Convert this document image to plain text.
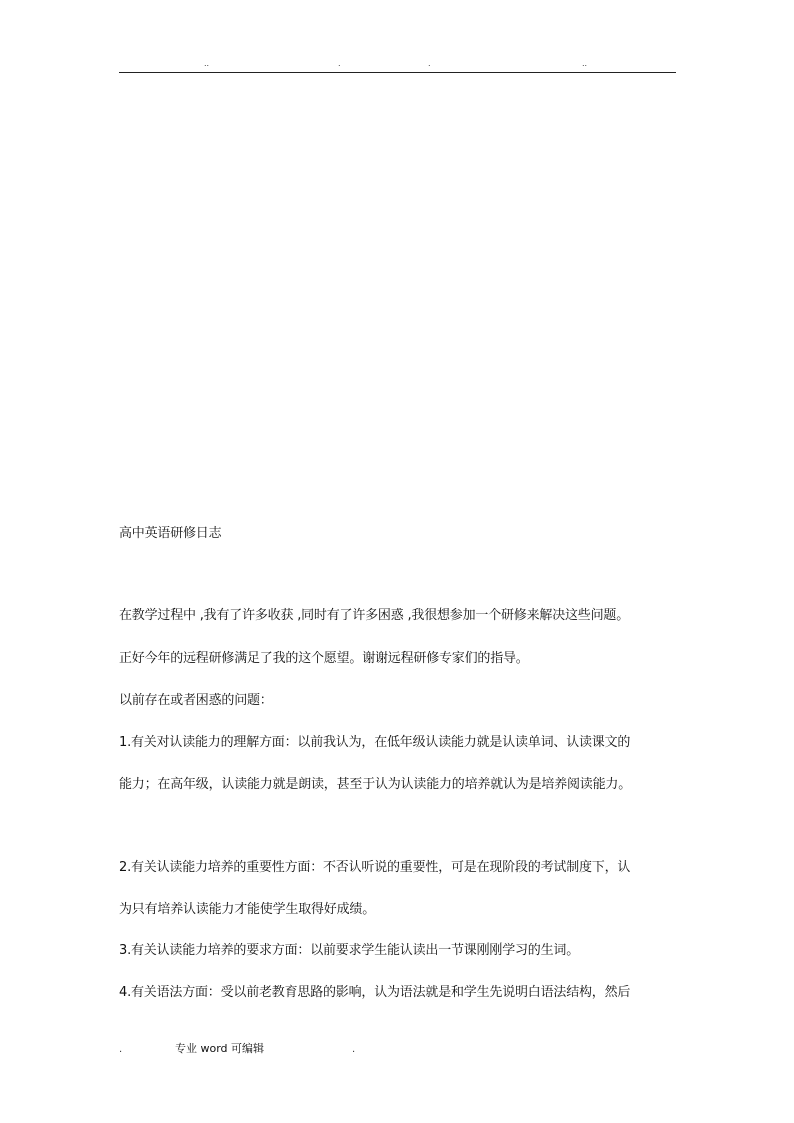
..	.	.	..
高中英语研修日志
在教学过程中 ,我有了许多收获 ,同时有了许多困惑 ,我很想参加一个研修来解决这些问题。
正好今年的远程研修满足了我的这个愿望。谢谢远程研修专家们的指导。
以前存在或者困惑的问题：
1.有关对认读能力的理解方面：以前我认为，在低年级认读能力就是认读单词、认读课文的
能力；在高年级，认读能力就是朗读，甚至于认为认读能力的培养就认为是培养阅读能力。
2.有关认读能力培养的重要性方面：不否认听说的重要性，可是在现阶段的考试制度下，认
为只有培养认读能力才能使学生取得好成绩。
3.有关认读能力培养的要求方面：以前要求学生能认读出一节课刚刚学习的生词。
4.有关语法方面：受以前老教育思路的影响，认为语法就是和学生先说明白语法结构，然后
.	专业 word 可编辑	.
